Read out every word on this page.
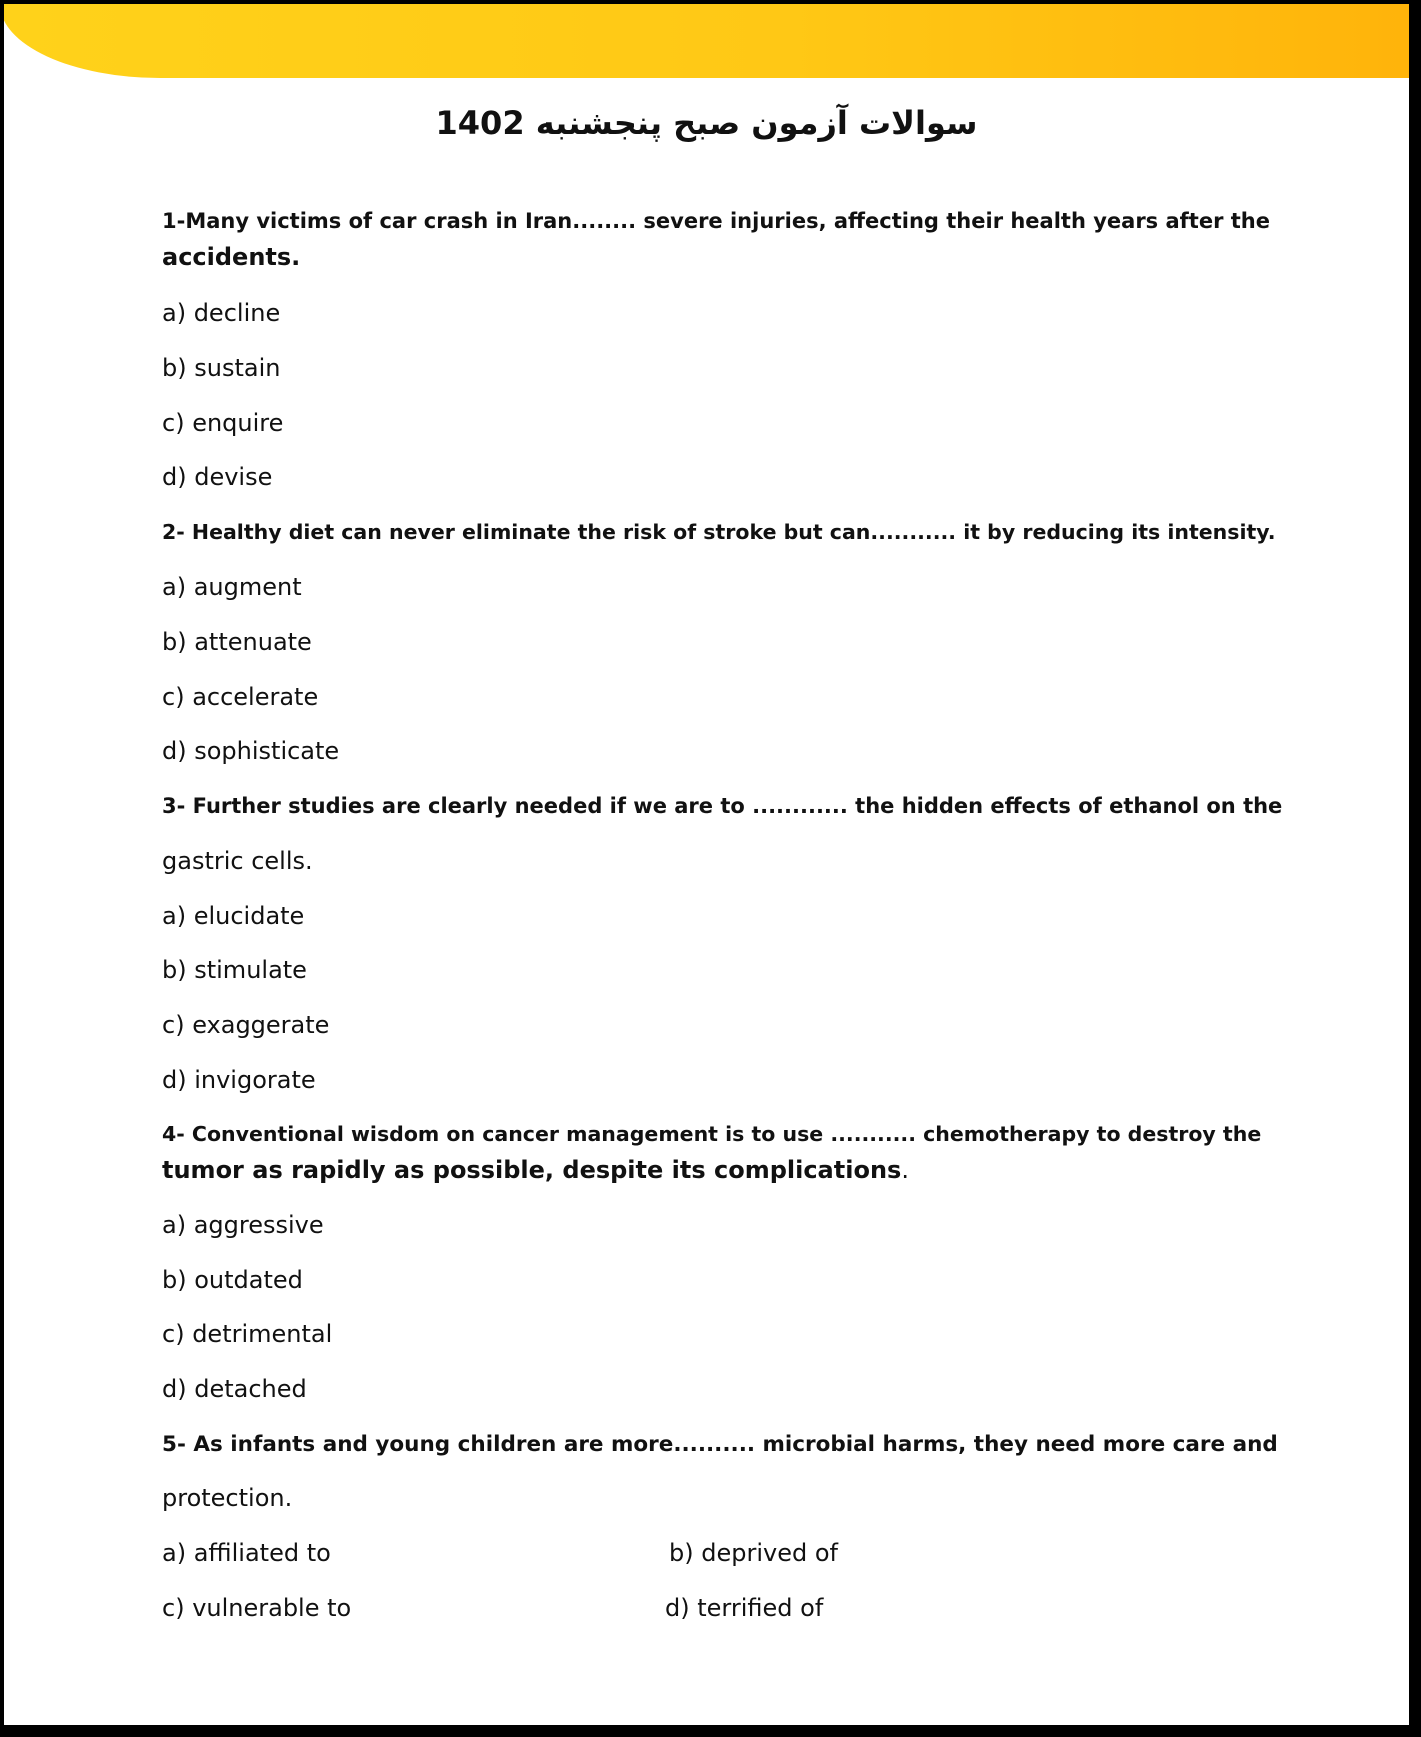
سوالات آزمون صبح پنجشنبه 1402
1-Many victims of car crash in Iran........ severe injuries, affecting their health years after the
accidents.
a) decline
b) sustain
c) enquire
d) devise
2- Healthy diet can never eliminate the risk of stroke but can........... it by reducing its intensity.
a) augment
b) attenuate
c) accelerate
d) sophisticate
3- Further studies are clearly needed if we are to ............ the hidden effects of ethanol on the
gastric cells.
a) elucidate
b) stimulate
c) exaggerate
d) invigorate
4- Conventional wisdom on cancer management is to use ........... chemotherapy to destroy the
tumor as rapidly as possible, despite its complications.
a) aggressive
b) outdated
c) detrimental
d) detached
5- As infants and young children are more.......... microbial harms, they need more care and
protection.
a) affiliated to	b) deprived of
c) vulnerable to	d) terrified of
